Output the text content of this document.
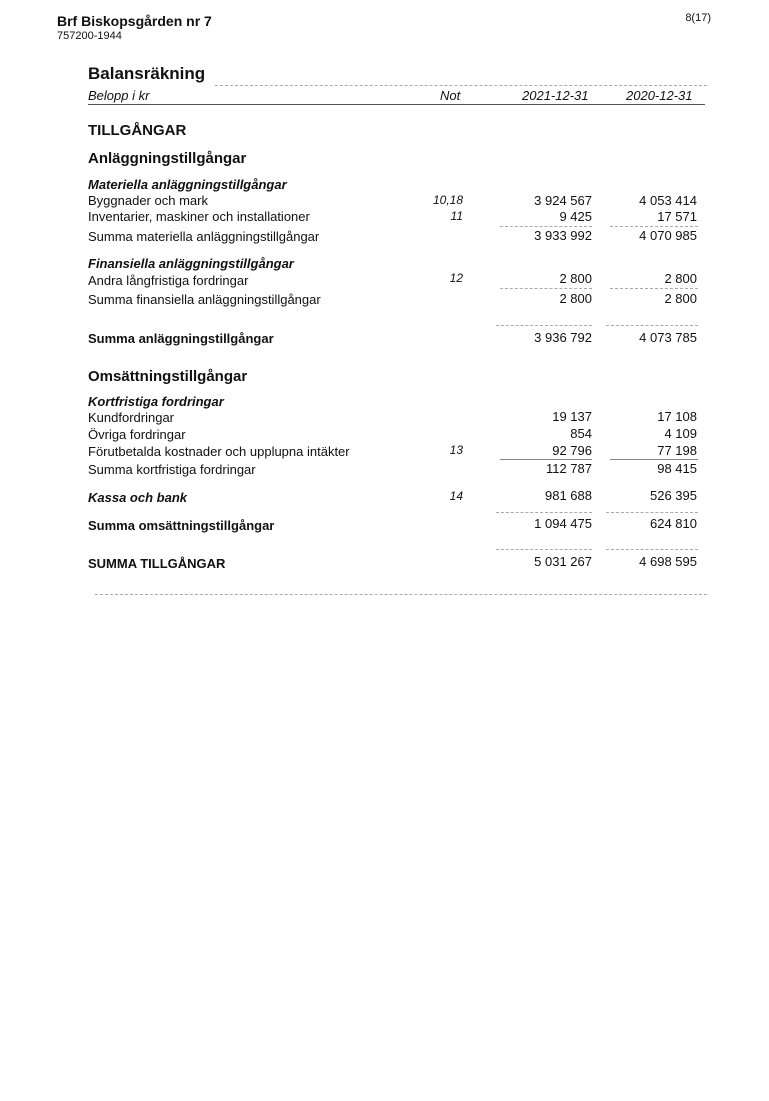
Brf Biskopsgården nr 7
757200-1944
8(17)
Balansräkning
Belopp i kr	Not	2021-12-31	2020-12-31
TILLGÅNGAR
Anläggningstillgångar
Materiella anläggningstillgångar
Byggnader och mark	10,18	3 924 567	4 053 414
Inventarier, maskiner och installationer	11	9 425	17 571
Summa materiella anläggningstillgångar	3 933 992	4 070 985
Finansiella anläggningstillgångar
Andra långfristiga fordringar	12	2 800	2 800
Summa finansiella anläggningstillgångar	2 800	2 800
Summa anläggningstillgångar	3 936 792	4 073 785
Omsättningstillgångar
Kortfristiga fordringar
Kundfordringar	19 137	17 108
Övriga fordringar	854	4 109
Förutbetalda kostnader och upplupna intäkter	13	92 796	77 198
Summa kortfristiga fordringar	112 787	98 415
Kassa och bank	14	981 688	526 395
Summa omsättningstillgångar	1 094 475	624 810
SUMMA TILLGÅNGAR	5 031 267	4 698 595
